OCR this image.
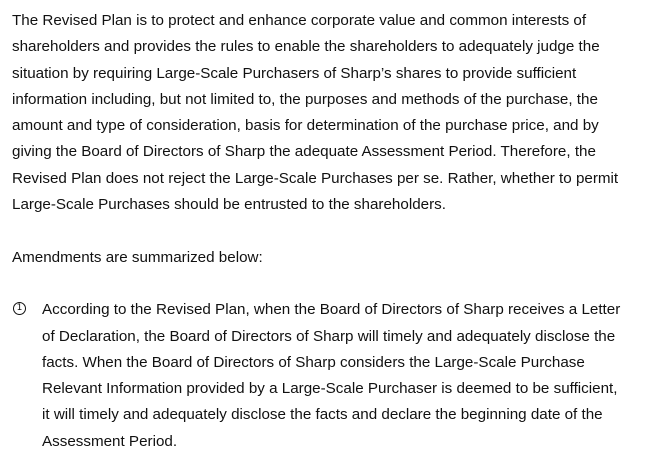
The Revised Plan is to protect and enhance corporate value and common interests of
shareholders and provides the rules to enable the shareholders to adequately judge the
situation by requiring Large-Scale Purchasers of Sharp’s shares to provide sufficient
information including, but not limited to, the purposes and methods of the purchase, the
amount and type of consideration, basis for determination of the purchase price, and by
giving the Board of Directors of Sharp the adequate Assessment Period. Therefore, the
Revised Plan does not reject the Large-Scale Purchases per se. Rather, whether to permit
Large-Scale Purchases should be entrusted to the shareholders.
Amendments are summarized below:
1 According to the Revised Plan, when the Board of Directors of Sharp receives a Letter
of Declaration, the Board of Directors of Sharp will timely and adequately disclose the
facts. When the Board of Directors of Sharp considers the Large-Scale Purchase
Relevant Information provided by a Large-Scale Purchaser is deemed to be sufficient,
it will timely and adequately disclose the facts and declare the beginning date of the
Assessment Period.
